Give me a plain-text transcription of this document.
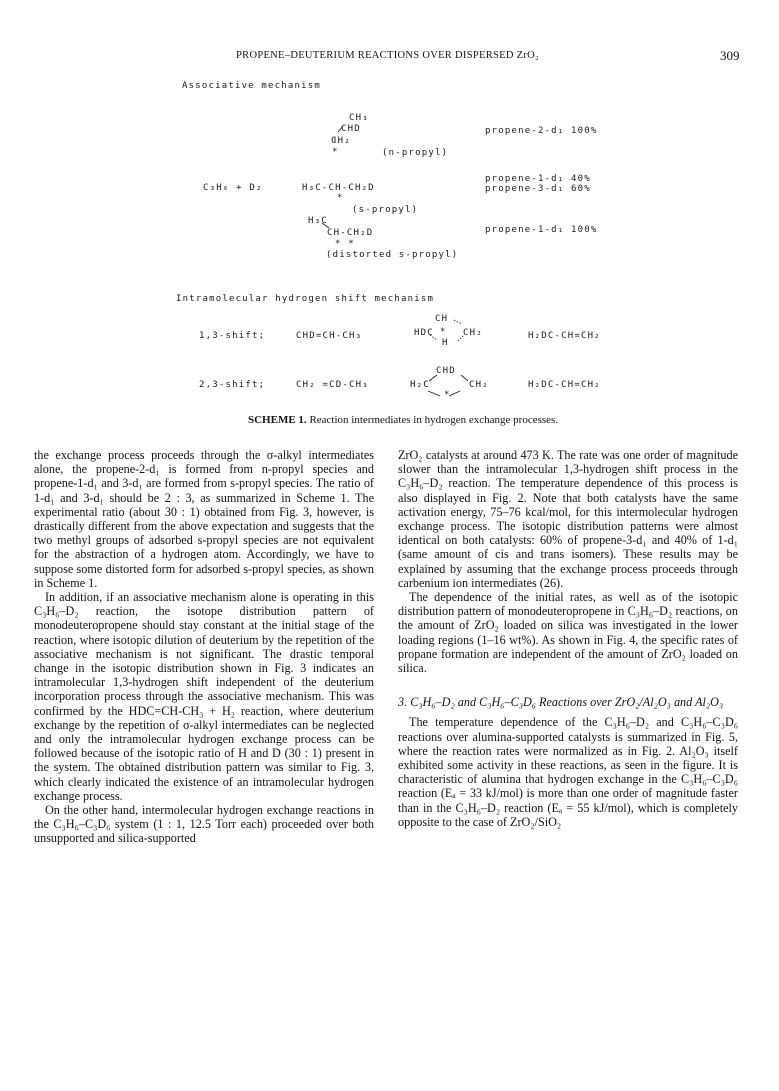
PROPENE–DEUTERIUM REACTIONS OVER DISPERSED ZrO₂	309
Associative mechanism
CH₃
CHD
CH₂
*	(n-propyl)
C₃H₆ + D₂	H₃C-CH-CH₂D
*
(s-propyl)
H₃C
CH-CH₂D
* *
(distorted s-propyl)
propene-2-d₁ 100%
propene-1-d₁ 40%
propene-3-d₁ 60%
propene-1-d₁ 100%
Intramolecular hydrogen shift mechanism
1,3-shift;	CHD=CH-CH₃
CH
HDC * CH₂
H
H₂DC-CH=CH₂
2,3-shift;	CH₂ =CD-CH₃
CHD
H₂C	CH₂
*
H₂DC-CH=CH₂
SCHEME 1. Reaction intermediates in hydrogen exchange processes.

the exchange process proceeds through the σ-alkyl intermediates alone, the propene-2-d₁ is formed from n-propyl species and propene-1-d₁ and 3-d₁ are formed from s-propyl species. The ratio of 1-d₁ and 3-d₁ should be 2 : 3, as summarized in Scheme 1. The experimental ratio (about 30 : 1) obtained from Fig. 3, however, is drastically different from the above expectation and suggests that the two methyl groups of adsorbed s-propyl species are not equivalent for the abstraction of a hydrogen atom. Accordingly, we have to suppose some distorted form for adsorbed s-propyl species, as shown in Scheme 1.

In addition, if an associative mechanism alone is operating in this C₃H₆–D₂ reaction, the isotope distribution pattern of monodeuteropropene should stay constant at the initial stage of the reaction, where isotopic dilution of deuterium by the repetition of the associative mechanism is not significant. The drastic temporal change in the isotopic distribution shown in Fig. 3 indicates an intramolecular 1,3-hydrogen shift independent of the deuterium incorporation process through the associative mechanism. This was confirmed by the HDC=CH-CH₃ + H₂ reaction, where deuterium exchange by the repetition of σ-alkyl intermediates can be neglected and only the intramolecular hydrogen exchange process can be followed because of the isotopic ratio of H and D (30 : 1) present in the system. The obtained distribution pattern was similar to Fig. 3, which clearly indicated the existence of an intramolecular hydrogen exchange process.

On the other hand, intermolecular hydrogen exchange reactions in the C₃H₆–C₃D₆ system (1 : 1, 12.5 Torr each) proceeded over both unsupported and silica-supported

ZrO₂ catalysts at around 473 K. The rate was one order of magnitude slower than the intramolecular 1,3-hydrogen shift process in the C₃H₆–D₂ reaction. The temperature dependence of this process is also displayed in Fig. 2. Note that both catalysts have the same activation energy, 75–76 kcal/mol, for this intermolecular hydrogen exchange process. The isotopic distribution patterns were almost identical on both catalysts: 60% of propene-3-d₁ and 40% of 1-d₁ (same amount of cis and trans isomers). These results may be explained by assuming that the exchange process proceeds through carbenium ion intermediates (26).

The dependence of the initial rates, as well as of the isotopic distribution pattern of monodeuteropropene in C₃H₆–D₂ reactions, on the amount of ZrO₂ loaded on silica was investigated in the lower loading regions (1–16 wt%). As shown in Fig. 4, the specific rates of propane formation are independent of the amount of ZrO₂ loaded on silica.

3. C₃H₆–D₂ and C₃H₆–C₃D₆ Reactions over ZrO₂/Al₂O₃ and Al₂O₃

The temperature dependence of the C₃H₆–D₂ and C₃H₆–C₃D₆ reactions over alumina-supported catalysts is summarized in Fig. 5, where the reaction rates were normalized as in Fig. 2. Al₂O₃ itself exhibited some activity in these reactions, as seen in the figure. It is characteristic of alumina that hydrogen exchange in the C₃H₆–C₃D₆ reaction (Eₐ = 33 kJ/mol) is more than one order of magnitude faster than in the C₃H₆–D₂ reaction (Eₐ = 55 kJ/mol), which is completely opposite to the case of ZrO₂/SiO₂
